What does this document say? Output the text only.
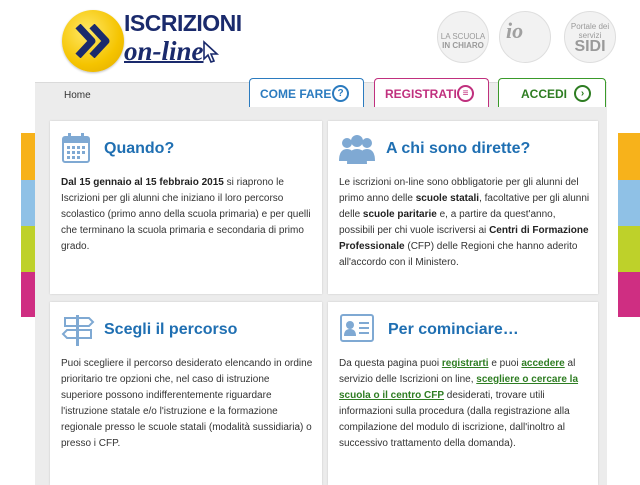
ISCRIZIONI
on-line	LA SCUOLA
IN CHIARO
io	Portale dei servizi
SIDI
Home	COME FARE ?	REGISTRATI ≡	ACCEDI	›
Quando?
Dal 15 gennaio al 15 febbraio 2015 si riaprono le Iscrizioni per gli alunni che iniziano il loro percorso scolastico (primo anno della scuola primaria) e per quelli che terminano la scuola primaria e secondaria di primo grado.
A chi sono dirette?
Le iscrizioni on-line sono obbligatorie per gli alunni del primo anno delle scuole statali, facoltative per gli alunni delle scuole paritarie e, a partire da quest'anno, possibili per chi vuole iscriversi ai Centri di Formazione Professionale (CFP) delle Regioni che hanno aderito all'accordo con il Ministero.
Scegli il percorso
Puoi scegliere il percorso desiderato elencando in ordine prioritario tre opzioni che, nel caso di istruzione superiore possono indifferentemente riguardare l'istruzione statale e/o l'istruzione e la formazione regionale presso le scuole statali (modalità sussidiaria) o presso i CFP.
Per cominciare…
Da questa pagina puoi registrarti e puoi accedere al servizio delle Iscrizioni on line, scegliere o cercare la scuola o il centro CFP desiderati, trovare utili informazioni sulla procedura (dalla registrazione alla compilazione del modulo di iscrizione, dall'inoltro al successivo trattamento della domanda).
